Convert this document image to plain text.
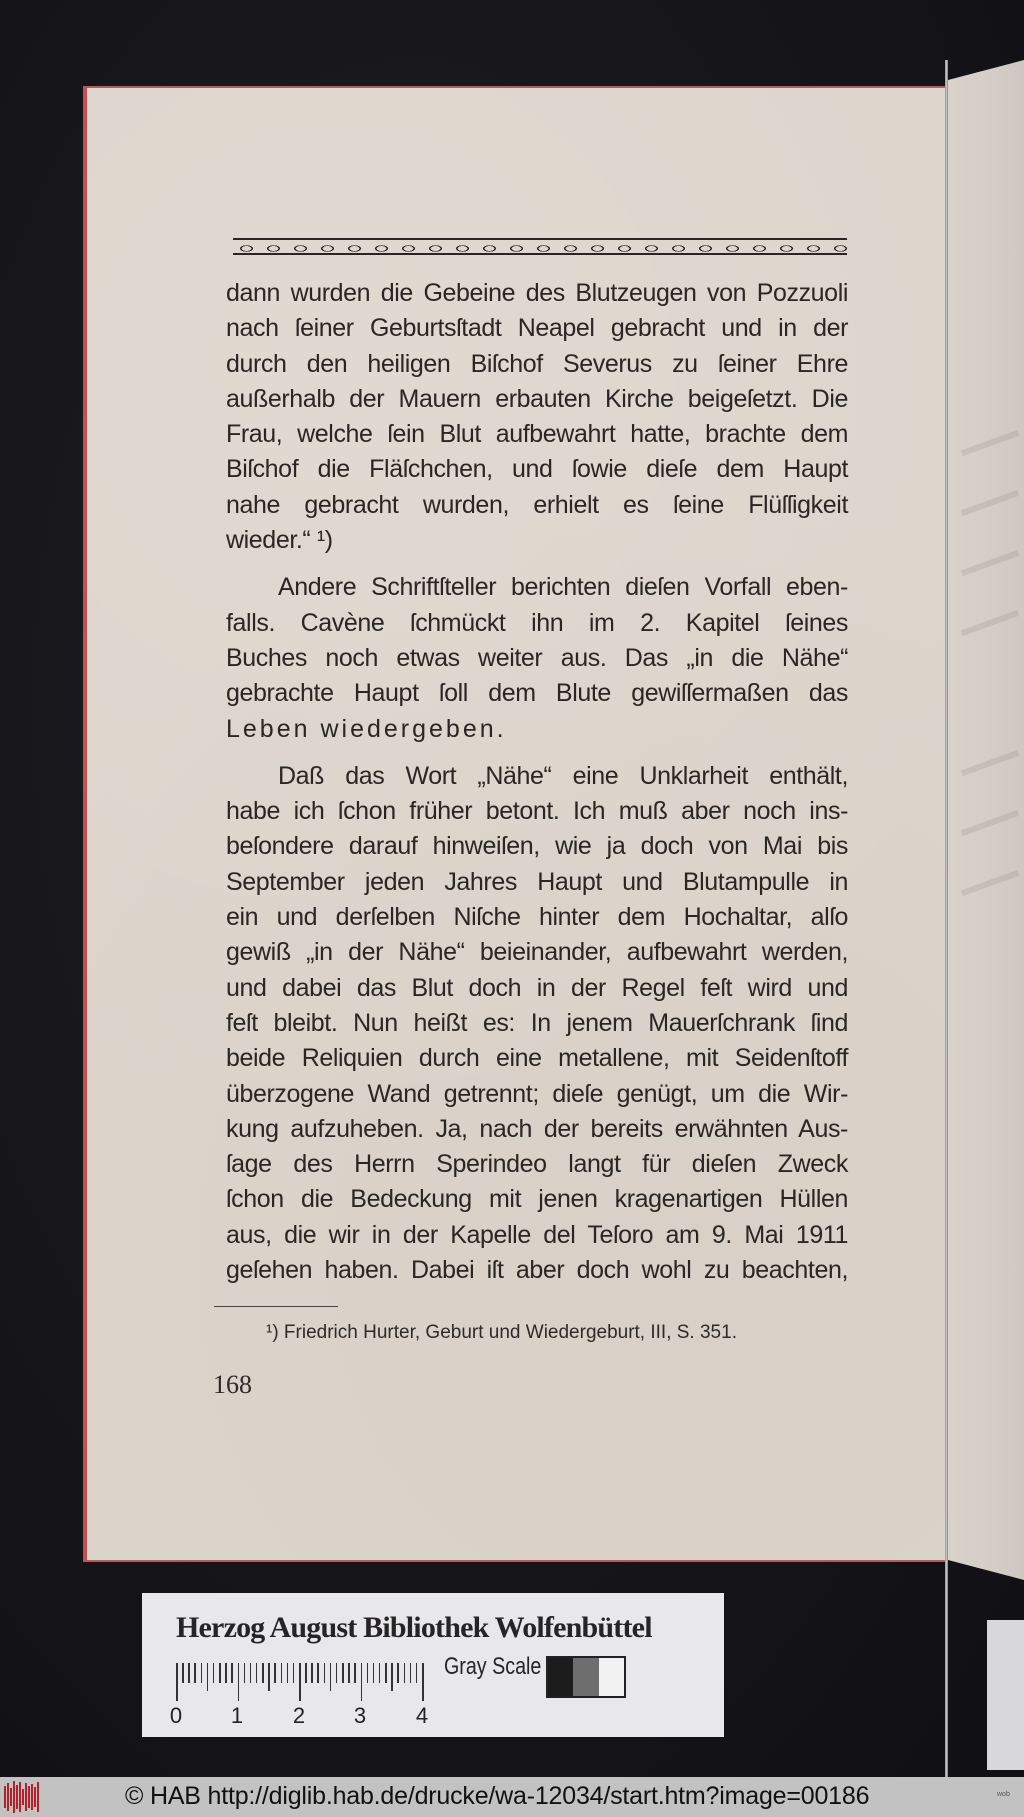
dann wurden die Gebeine des Blutzeugen von Pozzuoli
nach ſeiner Geburtsſtadt Neapel gebracht und in der
durch den heiligen Biſchof Severus zu ſeiner Ehre
außerhalb der Mauern erbauten Kirche beigeſetzt. Die
Frau, welche ſein Blut aufbewahrt hatte, brachte dem
Biſchof die Fläſchchen, und ſowie dieſe dem Haupt
nahe gebracht wurden, erhielt es ſeine Flüſſigkeit
wieder.“ ¹)

Andere Schriftſteller berichten dieſen Vorfall eben-
falls. Cavène ſchmückt ihn im 2. Kapitel ſeines
Buches noch etwas weiter aus. Das „in die Nähe“
gebrachte Haupt ſoll dem Blute gewiſſermaßen das
Leben wiedergeben.

Daß das Wort „Nähe“ eine Unklarheit enthält,
habe ich ſchon früher betont. Ich muß aber noch ins-
beſondere darauf hinweiſen, wie ja doch von Mai bis
September jeden Jahres Haupt und Blutampulle in
ein und derſelben Niſche hinter dem Hochaltar, alſo
gewiß „in der Nähe“ beieinander, aufbewahrt werden,
und dabei das Blut doch in der Regel feſt wird und
feſt bleibt. Nun heißt es: In jenem Mauerſchrank ſind
beide Reliquien durch eine metallene, mit Seidenſtoff
überzogene Wand getrennt; dieſe genügt, um die Wir-
kung aufzuheben. Ja, nach der bereits erwähnten Aus-
ſage des Herrn Sperindeo langt für dieſen Zweck
ſchon die Bedeckung mit jenen kragenartigen Hüllen
aus, die wir in der Kapelle del Teſoro am 9. Mai 1911
geſehen haben. Dabei iſt aber doch wohl zu beachten,

¹) Friedrich Hurter, Geburt und Wiedergeburt, III, S. 351.
168
Herzog August Bibliothek Wolfenbüttel
0 1 2 3 4
Gray Scale
© HAB http://diglib.hab.de/drucke/wa-12034/start.htm?image=00186	wob
